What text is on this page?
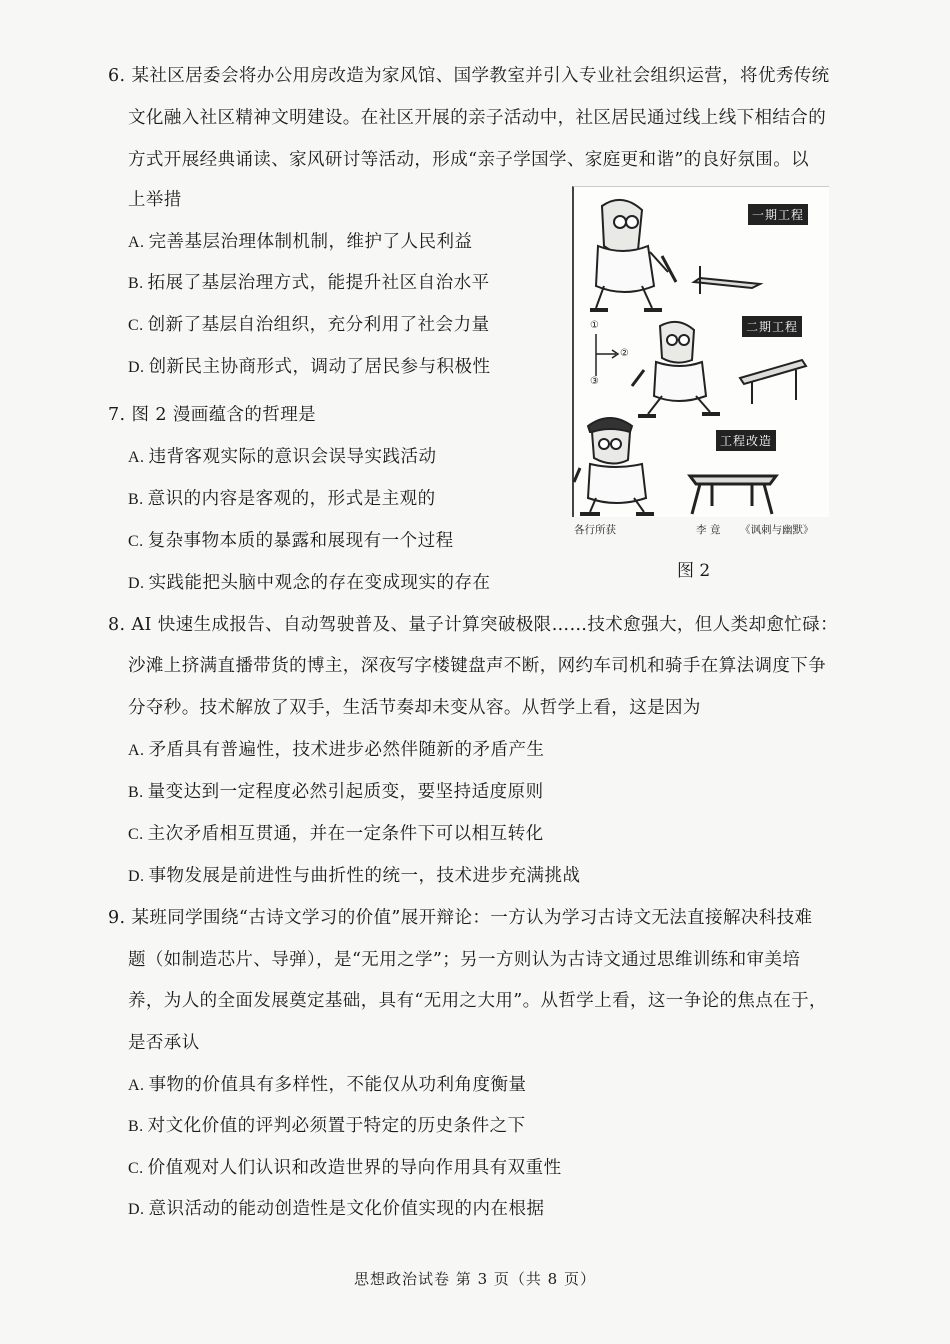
6. 某社区居委会将办公用房改造为家风馆、国学教室并引入专业社会组织运营，将优秀传统
文化融入社区精神文明建设。在社区开展的亲子活动中，社区居民通过线上线下相结合的
方式开展经典诵读、家风研讨等活动，形成“亲子学国学、家庭更和谐”的良好氛围。以
上举措
A. 完善基层治理体制机制，维护了人民利益
B. 拓展了基层治理方式，能提升社区自治水平
C. 创新了基层自治组织，充分利用了社会力量
D. 创新民主协商形式，调动了居民参与积极性
7. 图 2 漫画蕴含的哲理是
A. 违背客观实际的意识会误导实践活动
B. 意识的内容是客观的，形式是主观的
C. 复杂事物本质的暴露和展现有一个过程
D. 实践能把头脑中观念的存在变成现实的存在
一期工程
二期工程
工程改造
①
②
③
各行所获	李 竟 《讽刺与幽默》
图 2
8. AI 快速生成报告、自动驾驶普及、量子计算突破极限……技术愈强大，但人类却愈忙碌：
沙滩上挤满直播带货的博主，深夜写字楼键盘声不断，网约车司机和骑手在算法调度下争
分夺秒。技术解放了双手，生活节奏却未变从容。从哲学上看，这是因为
A. 矛盾具有普遍性，技术进步必然伴随新的矛盾产生
B. 量变达到一定程度必然引起质变，要坚持适度原则
C. 主次矛盾相互贯通，并在一定条件下可以相互转化
D. 事物发展是前进性与曲折性的统一，技术进步充满挑战
9. 某班同学围绕“古诗文学习的价值”展开辩论：一方认为学习古诗文无法直接解决科技难
题（如制造芯片、导弹），是“无用之学”；另一方则认为古诗文通过思维训练和审美培
养，为人的全面发展奠定基础，具有“无用之大用”。从哲学上看，这一争论的焦点在于，
是否承认
A. 事物的价值具有多样性，不能仅从功利角度衡量
B. 对文化价值的评判必须置于特定的历史条件之下
C. 价值观对人们认识和改造世界的导向作用具有双重性
D. 意识活动的能动创造性是文化价值实现的内在根据
思想政治试卷 第 3 页（共 8 页）
